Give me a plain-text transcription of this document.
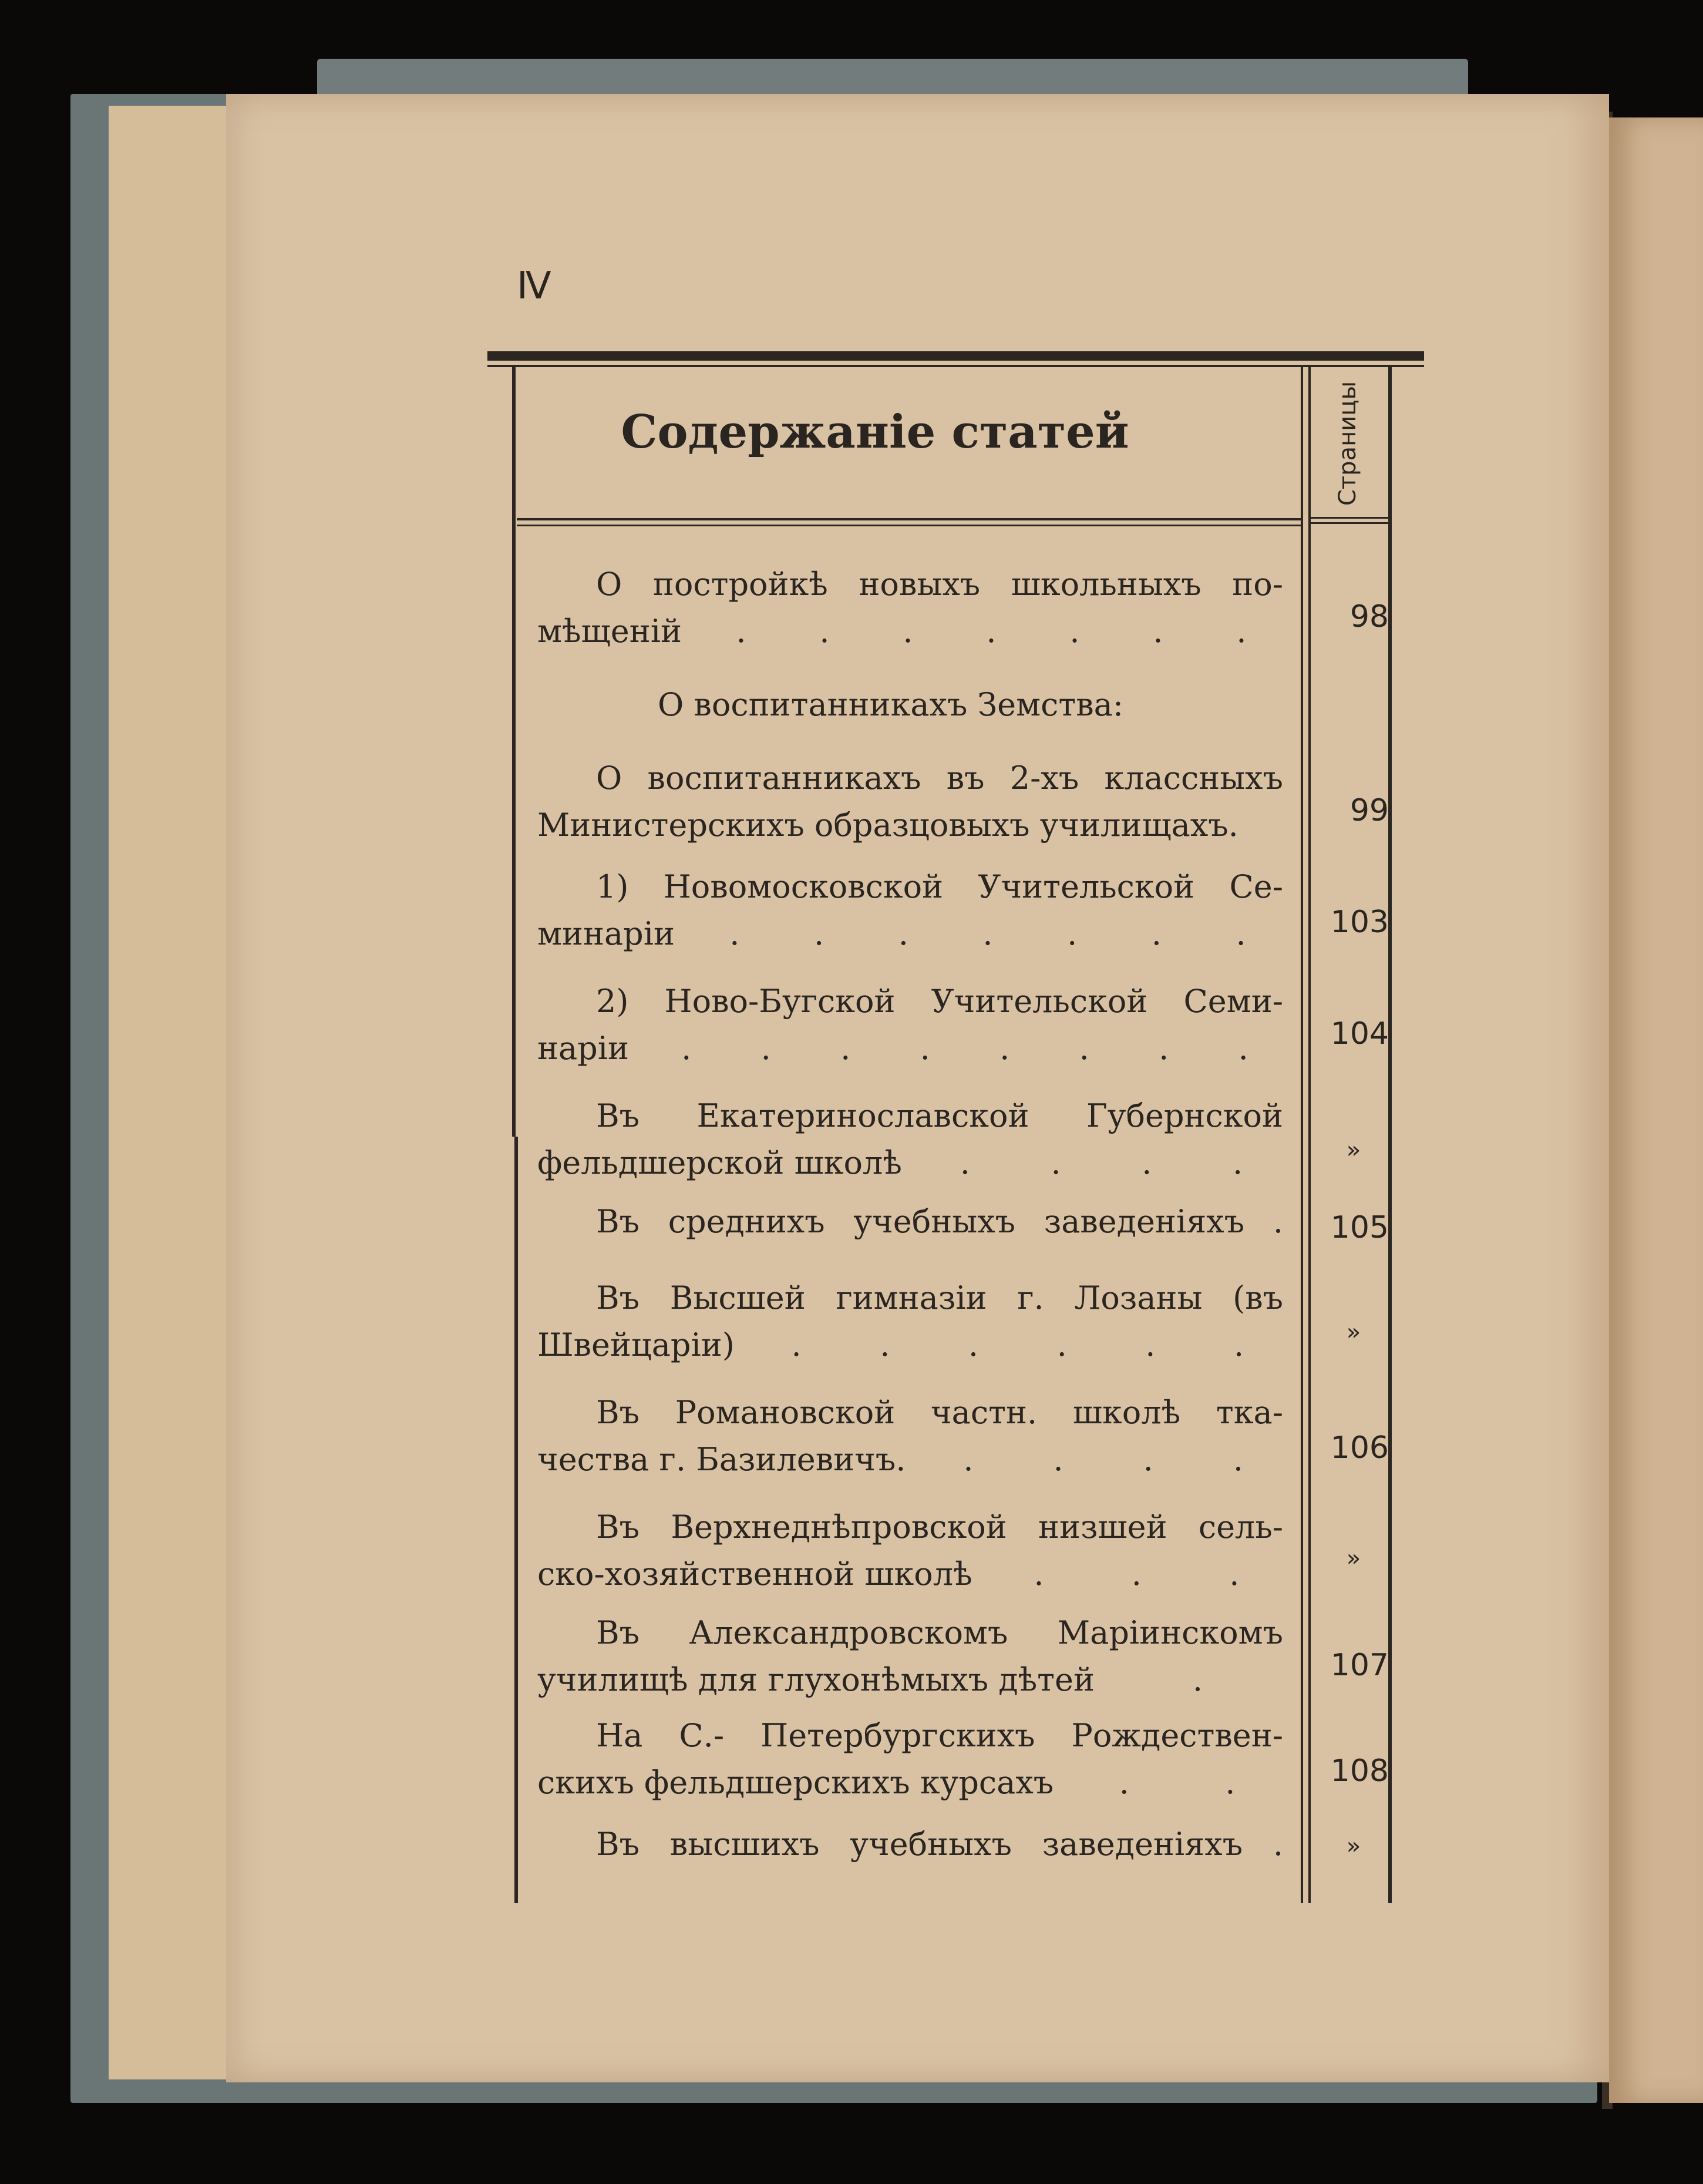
IV
Содержаніе статей	Страницы
О постройкѣ новыхъ школьныхъ по-
мѣщеній . . . . . . .	98
О воспитанникахъ Земства:
О воспитанникахъ въ 2-хъ классныхъ
Министерскихъ образцовыхъ училищахъ.	99
1) Новомосковской Учительской Се-
минаріи . . . . . . .	103
2) Ново-Бугской Учительской Семи-
наріи . . . . . . . .	104
Въ Екатеринославской Губернской
фельдшерской школѣ .	.	.	.	»
Въ среднихъ учебныхъ заведеніяхъ .	105
Въ Высшей гимназіи г. Лозаны (въ
Швейцаріи) . . . . . .	»
Въ Романовской частн. школѣ тка-
чества г. Базилевичъ. .	.	.	.	106
Въ Верхнеднѣпровской низшей сель-
ско-хозяйственной школѣ .	.	.	»
Въ Александровскомъ Маріинскомъ
училищѣ для глухонѣмыхъ дѣтей	.	107
На С.- Петербургскихъ Рождествен-
скихъ фельдшерскихъ курсахъ .	.	108
Въ высшихъ учебныхъ заведеніяхъ .	»
